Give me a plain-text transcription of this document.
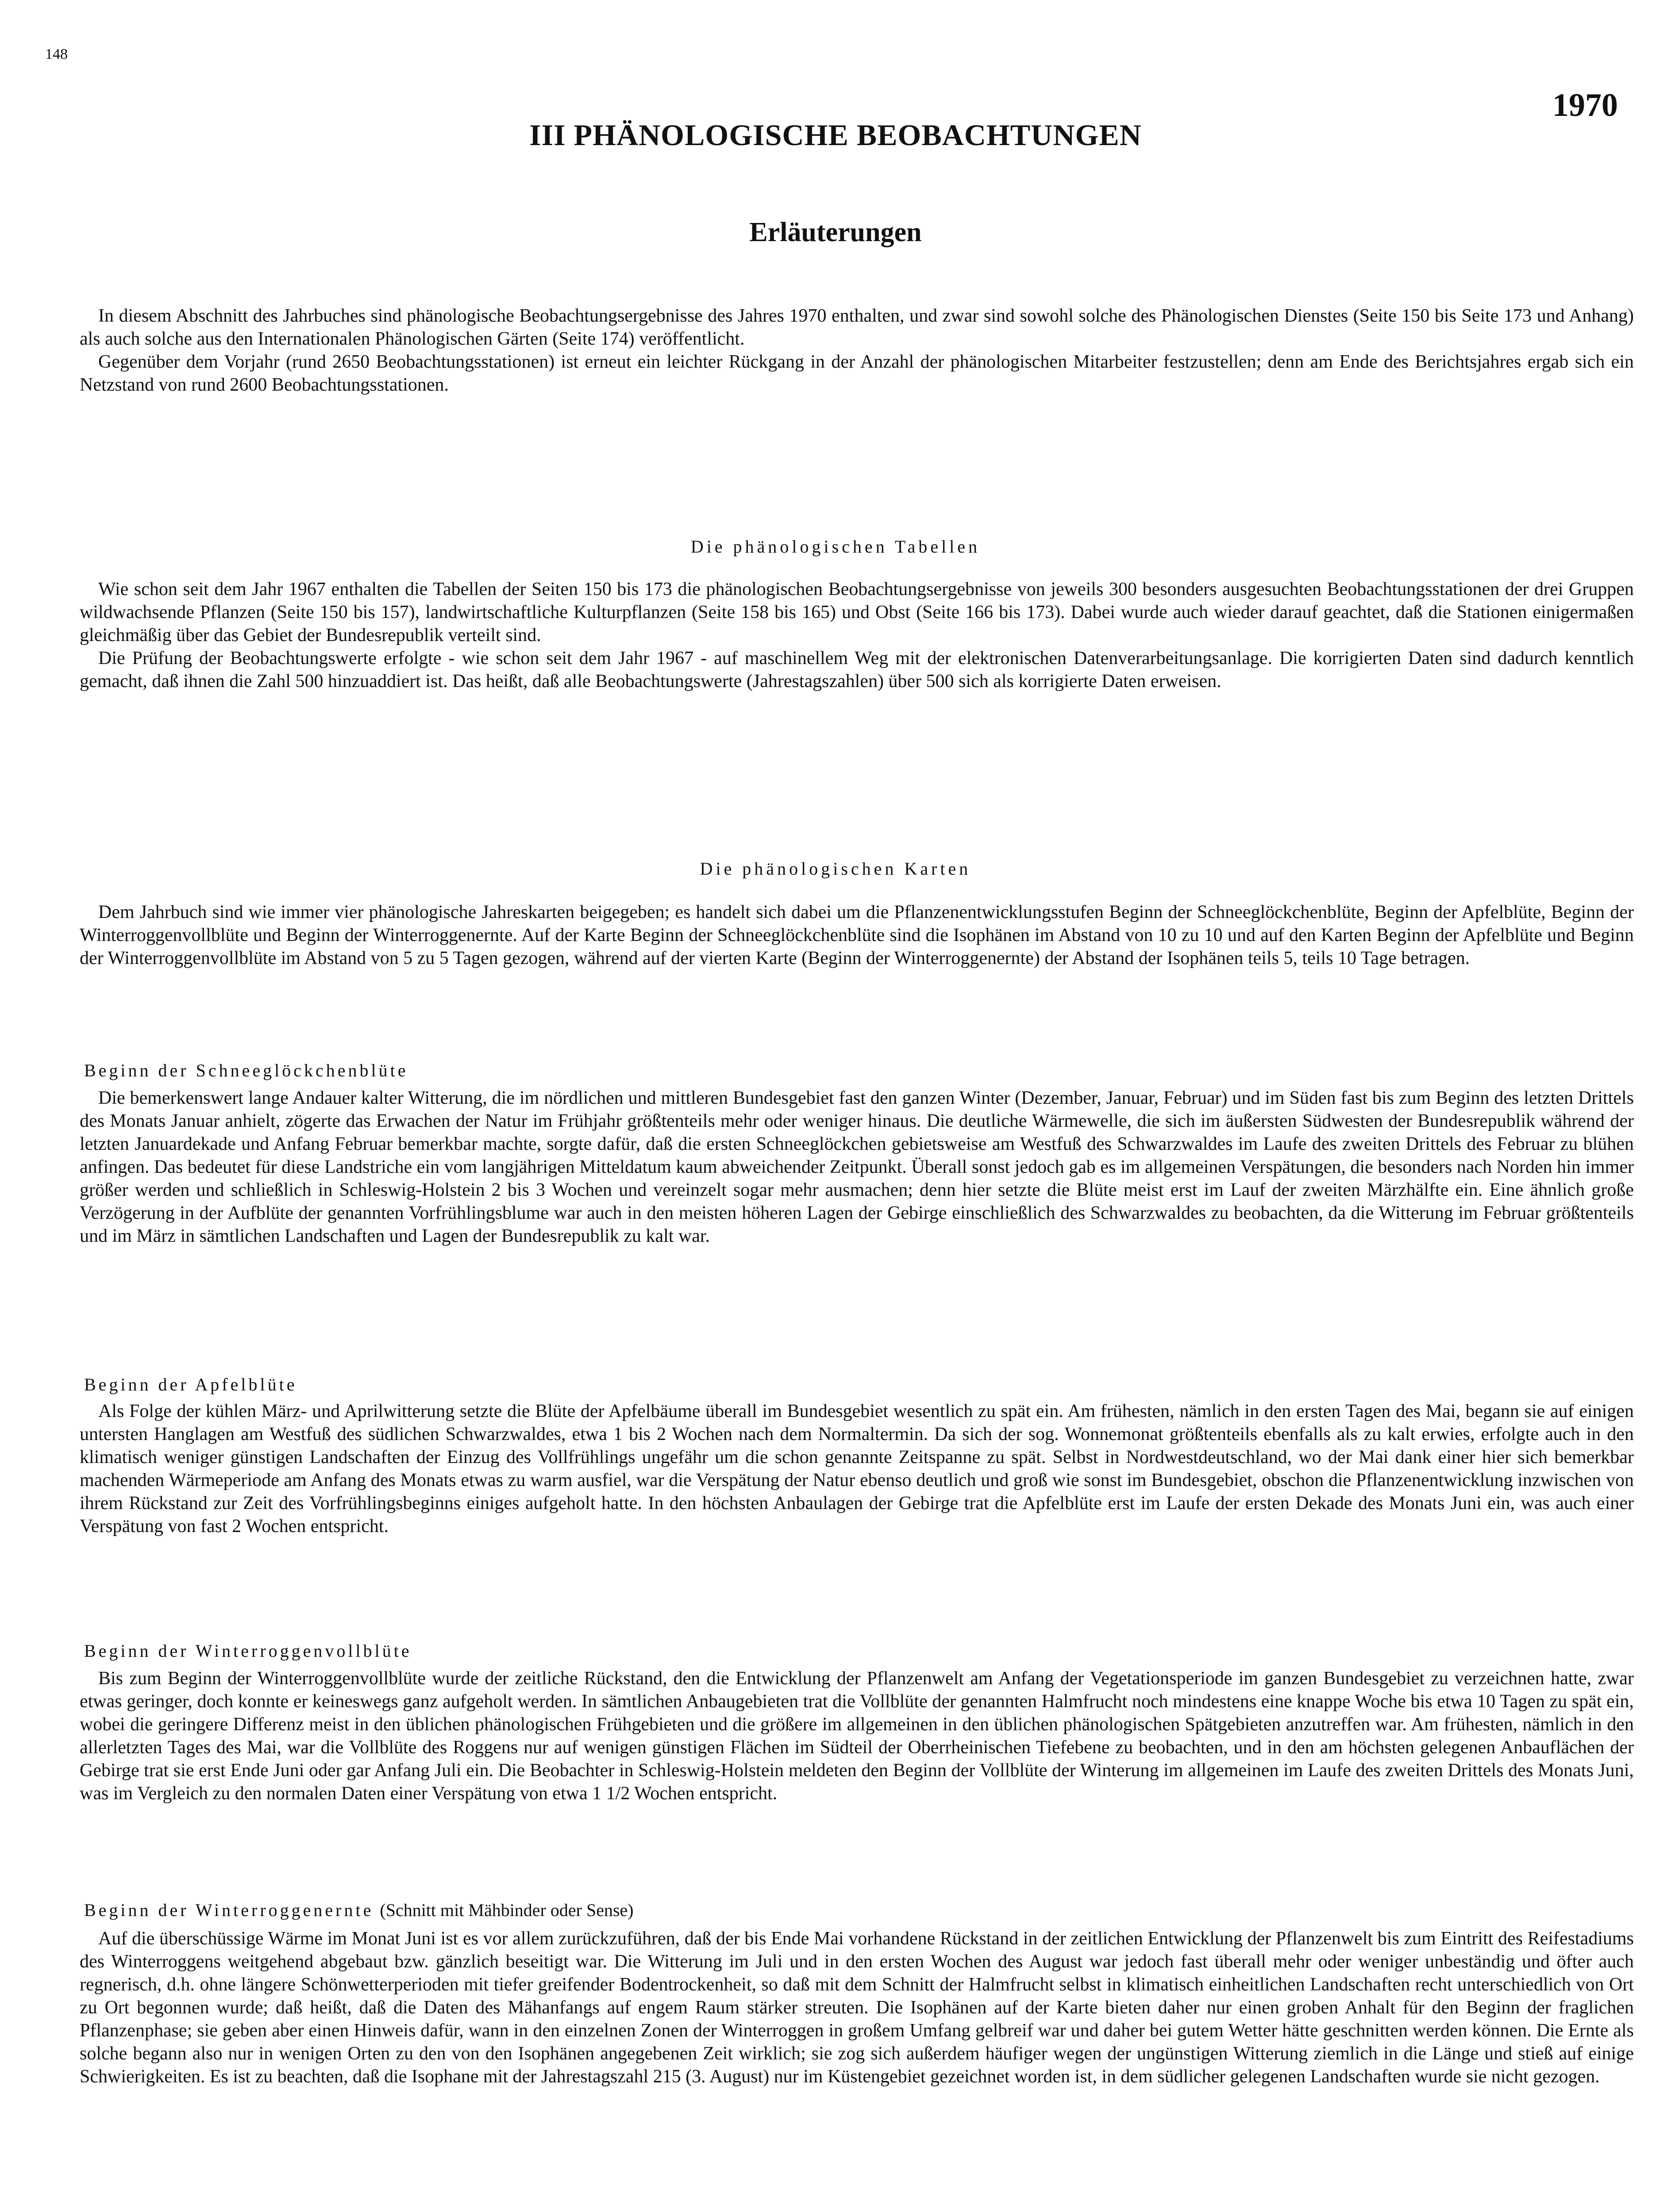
148
1970
III PHÄNOLOGISCHE BEOBACHTUNGEN
Erläuterungen

In diesem Abschnitt des Jahrbuches sind phänologische Beobachtungsergebnisse des Jahres 1970 enthalten, und zwar sind sowohl solche des Phänologischen Dienstes (Seite 150 bis Seite 173 und Anhang) als auch solche aus den Internationalen Phänologischen Gärten (Seite 174) veröffentlicht.

Gegenüber dem Vorjahr (rund 2650 Beobachtungsstationen) ist erneut ein leichter Rückgang in der Anzahl der phänologischen Mitarbeiter festzustellen; denn am Ende des Berichtsjahres ergab sich ein Netzstand von rund 2600 Beobachtungsstationen.

Die phänologischen Tabellen

Wie schon seit dem Jahr 1967 enthalten die Tabellen der Seiten 150 bis 173 die phänologischen Beobachtungsergebnisse von jeweils 300 besonders ausgesuchten Beobachtungsstationen der drei Gruppen wildwachsende Pflanzen (Seite 150 bis 157), landwirtschaftliche Kulturpflanzen (Seite 158 bis 165) und Obst (Seite 166 bis 173). Dabei wurde auch wieder darauf geachtet, daß die Stationen einigermaßen gleichmäßig über das Gebiet der Bundesrepublik verteilt sind.

Die Prüfung der Beobachtungswerte erfolgte - wie schon seit dem Jahr 1967 - auf maschinellem Weg mit der elektronischen Datenverarbeitungsanlage. Die korrigierten Daten sind dadurch kenntlich gemacht, daß ihnen die Zahl 500 hinzuaddiert ist. Das heißt, daß alle Beobachtungswerte (Jahrestagszahlen) über 500 sich als korrigierte Daten erweisen.

Die phänologischen Karten

Dem Jahrbuch sind wie immer vier phänologische Jahreskarten beigegeben; es handelt sich dabei um die Pflanzenentwicklungsstufen Beginn der Schneeglöckchenblüte, Beginn der Apfelblüte, Beginn der Winterroggenvollblüte und Beginn der Winterroggenernte. Auf der Karte Beginn der Schneeglöckchenblüte sind die Isophänen im Abstand von 10 zu 10 und auf den Karten Beginn der Apfelblüte und Beginn der Winterroggenvollblüte im Abstand von 5 zu 5 Tagen gezogen, während auf der vierten Karte (Beginn der Winterroggenernte) der Abstand der Isophänen teils 5, teils 10 Tage betragen.

Beginn der Schneeglöckchenblüte

Die bemerkenswert lange Andauer kalter Witterung, die im nördlichen und mittleren Bundesgebiet fast den ganzen Winter (Dezember, Januar, Februar) und im Süden fast bis zum Beginn des letzten Drittels des Monats Januar anhielt, zögerte das Erwachen der Natur im Frühjahr größtenteils mehr oder weniger hinaus. Die deutliche Wärmewelle, die sich im äußersten Südwesten der Bundesrepublik während der letzten Januardekade und Anfang Februar bemerkbar machte, sorgte dafür, daß die ersten Schneeglöckchen gebietsweise am Westfuß des Schwarzwaldes im Laufe des zweiten Drittels des Februar zu blühen anfingen. Das bedeutet für diese Landstriche ein vom langjährigen Mitteldatum kaum abweichender Zeitpunkt. Überall sonst jedoch gab es im allgemeinen Verspätungen, die besonders nach Norden hin immer größer werden und schließlich in Schleswig-Holstein 2 bis 3 Wochen und vereinzelt sogar mehr ausmachen; denn hier setzte die Blüte meist erst im Lauf der zweiten Märzhälfte ein. Eine ähnlich große Verzögerung in der Aufblüte der genannten Vorfrühlingsblume war auch in den meisten höheren Lagen der Gebirge einschließlich des Schwarzwaldes zu beobachten, da die Witterung im Februar größtenteils und im März in sämtlichen Landschaften und Lagen der Bundesrepublik zu kalt war.

Beginn der Apfelblüte

Als Folge der kühlen März- und Aprilwitterung setzte die Blüte der Apfelbäume überall im Bundesgebiet wesentlich zu spät ein. Am frühesten, nämlich in den ersten Tagen des Mai, begann sie auf einigen untersten Hanglagen am Westfuß des südlichen Schwarzwaldes, etwa 1 bis 2 Wochen nach dem Normaltermin. Da sich der sog. Wonnemonat größtenteils ebenfalls als zu kalt erwies, erfolgte auch in den klimatisch weniger günstigen Landschaften der Einzug des Vollfrühlings ungefähr um die schon genannte Zeitspanne zu spät. Selbst in Nordwestdeutschland, wo der Mai dank einer hier sich bemerkbar machenden Wärmeperiode am Anfang des Monats etwas zu warm ausfiel, war die Verspätung der Natur ebenso deutlich und groß wie sonst im Bundesgebiet, obschon die Pflanzenentwicklung inzwischen von ihrem Rückstand zur Zeit des Vorfrühlingsbeginns einiges aufgeholt hatte. In den höchsten Anbaulagen der Gebirge trat die Apfelblüte erst im Laufe der ersten Dekade des Monats Juni ein, was auch einer Verspätung von fast 2 Wochen entspricht.

Beginn der Winterroggenvollblüte

Bis zum Beginn der Winterroggenvollblüte wurde der zeitliche Rückstand, den die Entwicklung der Pflanzenwelt am Anfang der Vegetationsperiode im ganzen Bundesgebiet zu verzeichnen hatte, zwar etwas geringer, doch konnte er keineswegs ganz aufgeholt werden. In sämtlichen Anbaugebieten trat die Vollblüte der genannten Halmfrucht noch mindestens eine knappe Woche bis etwa 10 Tagen zu spät ein, wobei die geringere Differenz meist in den üblichen phänologischen Frühgebieten und die größere im allgemeinen in den üblichen phänologischen Spätgebieten anzutreffen war. Am frühesten, nämlich in den allerletzten Tages des Mai, war die Vollblüte des Roggens nur auf wenigen günstigen Flächen im Südteil der Oberrheinischen Tiefebene zu beobachten, und in den am höchsten gelegenen Anbauflächen der Gebirge trat sie erst Ende Juni oder gar Anfang Juli ein. Die Beobachter in Schleswig-Holstein meldeten den Beginn der Vollblüte der Winterung im allgemeinen im Laufe des zweiten Drittels des Monats Juni, was im Vergleich zu den normalen Daten einer Verspätung von etwa 1 1/2 Wochen entspricht.

Beginn der Winterroggenernte (Schnitt mit Mähbinder oder Sense)

Auf die überschüssige Wärme im Monat Juni ist es vor allem zurückzuführen, daß der bis Ende Mai vorhandene Rückstand in der zeitlichen Entwicklung der Pflanzenwelt bis zum Eintritt des Reifestadiums des Winterroggens weitgehend abgebaut bzw. gänzlich beseitigt war. Die Witterung im Juli und in den ersten Wochen des August war jedoch fast überall mehr oder weniger unbeständig und öfter auch regnerisch, d.h. ohne längere Schönwetterperioden mit tiefer greifender Bodentrockenheit, so daß mit dem Schnitt der Halmfrucht selbst in klimatisch einheitlichen Landschaften recht unterschiedlich von Ort zu Ort begonnen wurde; daß heißt, daß die Daten des Mähanfangs auf engem Raum stärker streuten. Die Isophänen auf der Karte bieten daher nur einen groben Anhalt für den Beginn der fraglichen Pflanzenphase; sie geben aber einen Hinweis dafür, wann in den einzelnen Zonen der Winterroggen in großem Umfang gelbreif war und daher bei gutem Wetter hätte geschnitten werden können. Die Ernte als solche begann also nur in wenigen Orten zu den von den Isophänen angegebenen Zeit wirklich; sie zog sich außerdem häufiger wegen der ungünstigen Witterung ziemlich in die Länge und stieß auf einige Schwierigkeiten. Es ist zu beachten, daß die Isophane mit der Jahrestagszahl 215 (3. August) nur im Küstengebiet gezeichnet worden ist, in dem südlicher gelegenen Landschaften wurde sie nicht gezogen.
